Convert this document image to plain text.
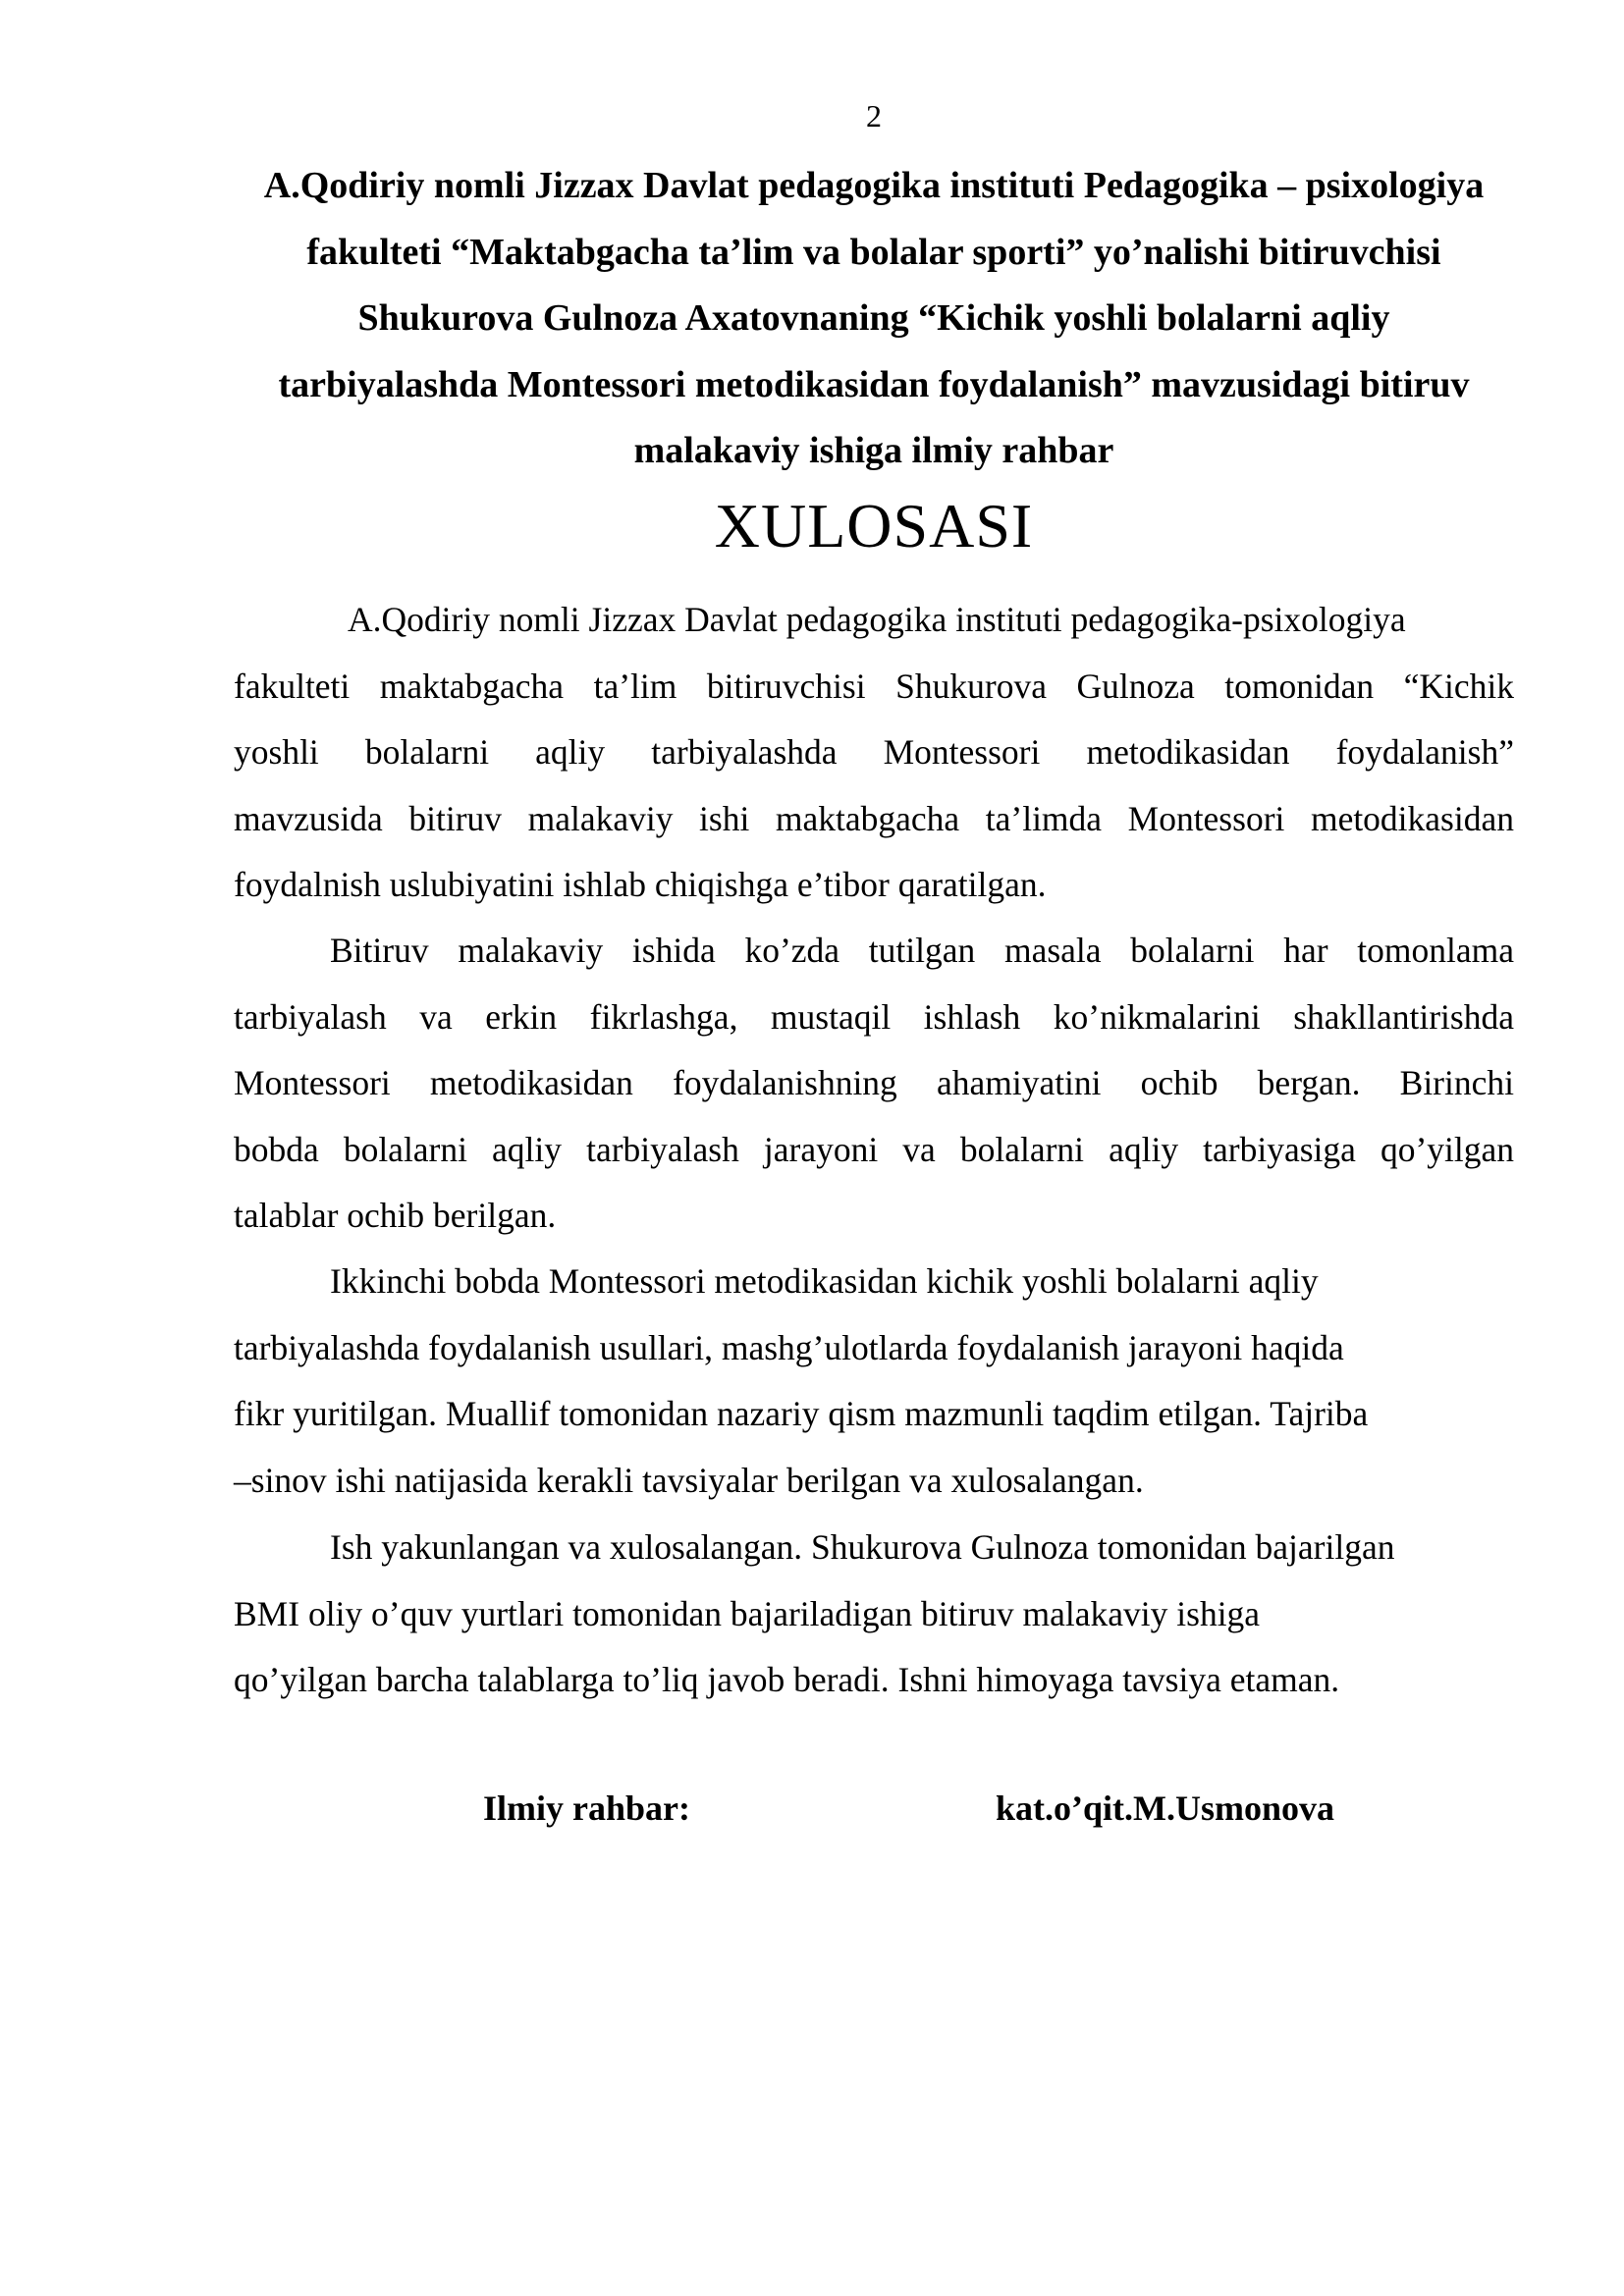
2
A.Qodiriy nomli Jizzax Davlat pedagogika instituti Pedagogika – psixologiya
fakulteti “Maktabgacha ta’lim va bolalar sporti” yo’nalishi bitiruvchisi
Shukurova Gulnoza Axatovnaning “Kichik yoshli bolalarni aqliy
tarbiyalashda Montessori metodikasidan foydalanish” mavzusidagi bitiruv
malakaviy ishiga ilmiy rahbar
XULOSASI
A.Qodiriy nomli Jizzax Davlat pedagogika instituti pedagogika-psixologiya
fakulteti maktabgacha ta’lim bitiruvchisi Shukurova Gulnoza tomonidan “Kichik
yoshli bolalarni aqliy tarbiyalashda Montessori metodikasidan foydalanish”
mavzusida bitiruv malakaviy ishi maktabgacha ta’limda Montessori metodikasidan
foydalnish uslubiyatini ishlab chiqishga e’tibor qaratilgan.
Bitiruv malakaviy ishida ko’zda tutilgan masala bolalarni har tomonlama
tarbiyalash va erkin fikrlashga, mustaqil ishlash ko’nikmalarini shakllantirishda
Montessori metodikasidan foydalanishning ahamiyatini ochib bergan. Birinchi
bobda bolalarni aqliy tarbiyalash jarayoni va bolalarni aqliy tarbiyasiga qo’yilgan
talablar ochib berilgan.
Ikkinchi bobda Montessori metodikasidan kichik yoshli bolalarni aqliy
tarbiyalashda foydalanish usullari, mashg’ulotlarda foydalanish jarayoni haqida
fikr yuritilgan. Muallif tomonidan nazariy qism mazmunli taqdim etilgan. Tajriba
–sinov ishi natijasida kerakli tavsiyalar berilgan va xulosalangan.
Ish yakunlangan va xulosalangan. Shukurova Gulnoza tomonidan bajarilgan
BMI oliy o’quv yurtlari tomonidan bajariladigan bitiruv malakaviy ishiga
qo’yilgan barcha talablarga to’liq javob beradi. Ishni himoyaga tavsiya etaman.
Ilmiy rahbar:	kat.o’qit.M.Usmonova
